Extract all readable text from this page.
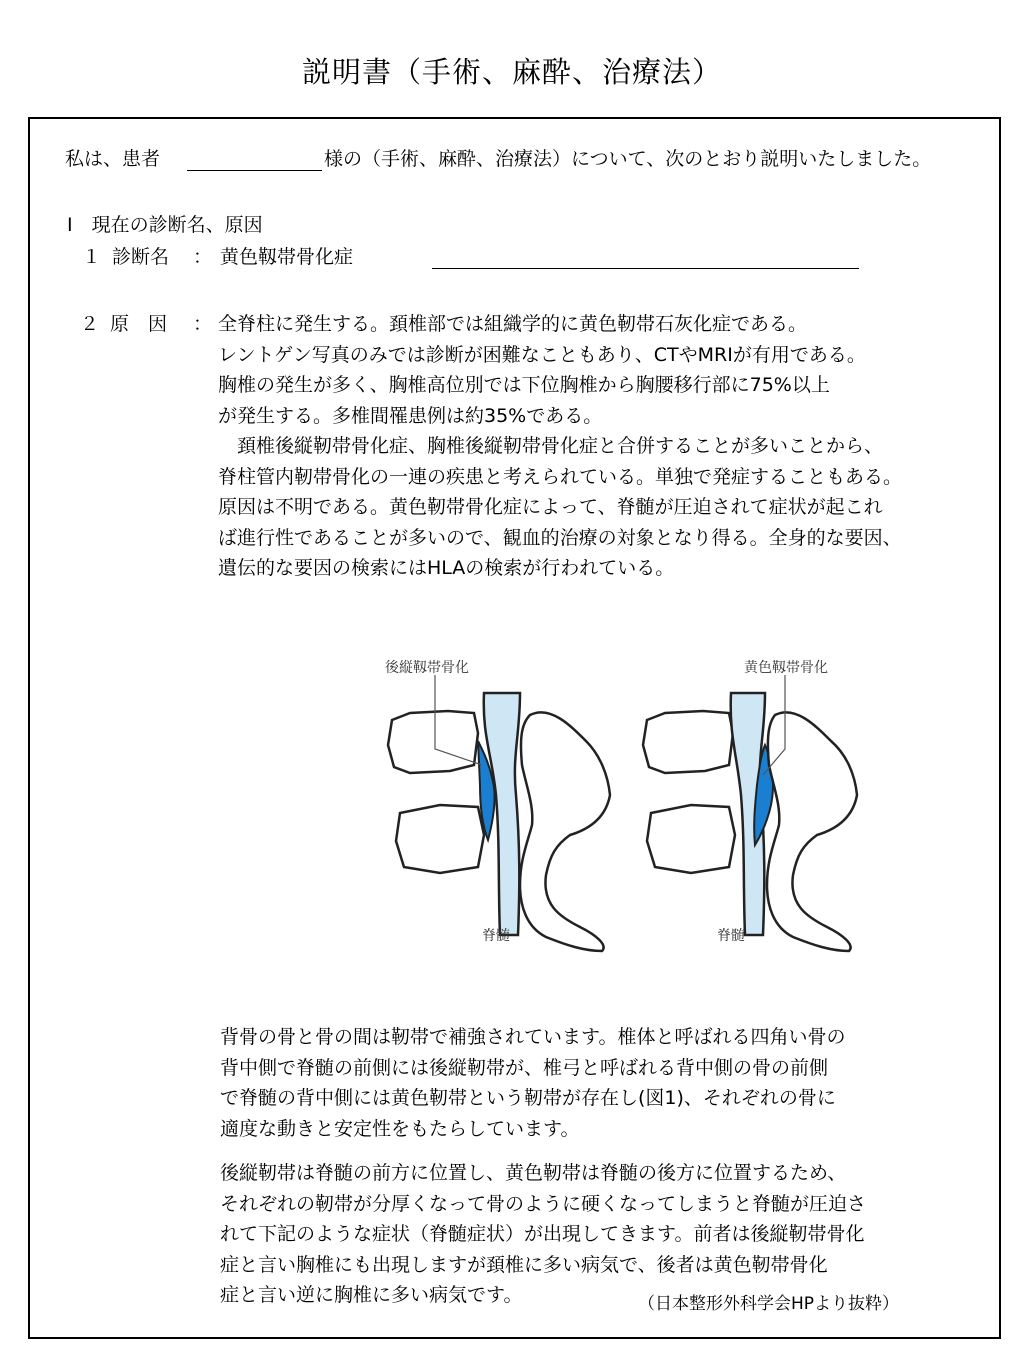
説明書（手術、麻酔、治療法）
私は、患者	様の（手術、麻酔、治療法）について、次のとおり説明いたしました。
Ⅰ　現在の診断名、原因
１ 診断名 ： 黄色靱帯骨化症
２ 原　因 ： 全脊柱に発生する。頚椎部では組織学的に黄色靭帯石灰化症である。
レントゲン写真のみでは診断が困難なこともあり、CTやMRIが有用である。
胸椎の発生が多く、胸椎高位別では下位胸椎から胸腰移行部に75%以上
が発生する。多椎間罹患例は約35%である。
　頚椎後縦靭帯骨化症、胸椎後縦靭帯骨化症と合併することが多いことから、
脊柱管内靭帯骨化の一連の疾患と考えられている。単独で発症することもある。
原因は不明である。黄色靭帯骨化症によって、脊髄が圧迫されて症状が起これ
ば進行性であることが多いので、観血的治療の対象となり得る。全身的な要因、
遺伝的な要因の検索にはHLAの検索が行われている。
後縦靱帯骨化	黄色靱帯骨化
脊髄	脊髄
背骨の骨と骨の間は靭帯で補強されています。椎体と呼ばれる四角い骨の
背中側で脊髄の前側には後縦靭帯が、椎弓と呼ばれる背中側の骨の前側
で脊髄の背中側には黄色靭帯という靭帯が存在し(図1)、それぞれの骨に
適度な動きと安定性をもたらしています。
後縦靭帯は脊髄の前方に位置し、黄色靭帯は脊髄の後方に位置するため、
それぞれの靭帯が分厚くなって骨のように硬くなってしまうと脊髄が圧迫さ
れて下記のような症状（脊髄症状）が出現してきます。前者は後縦靭帯骨化
症と言い胸椎にも出現しますが頚椎に多い病気で、後者は黄色靭帯骨化
症と言い逆に胸椎に多い病気です。	（日本整形外科学会HPより抜粋）
